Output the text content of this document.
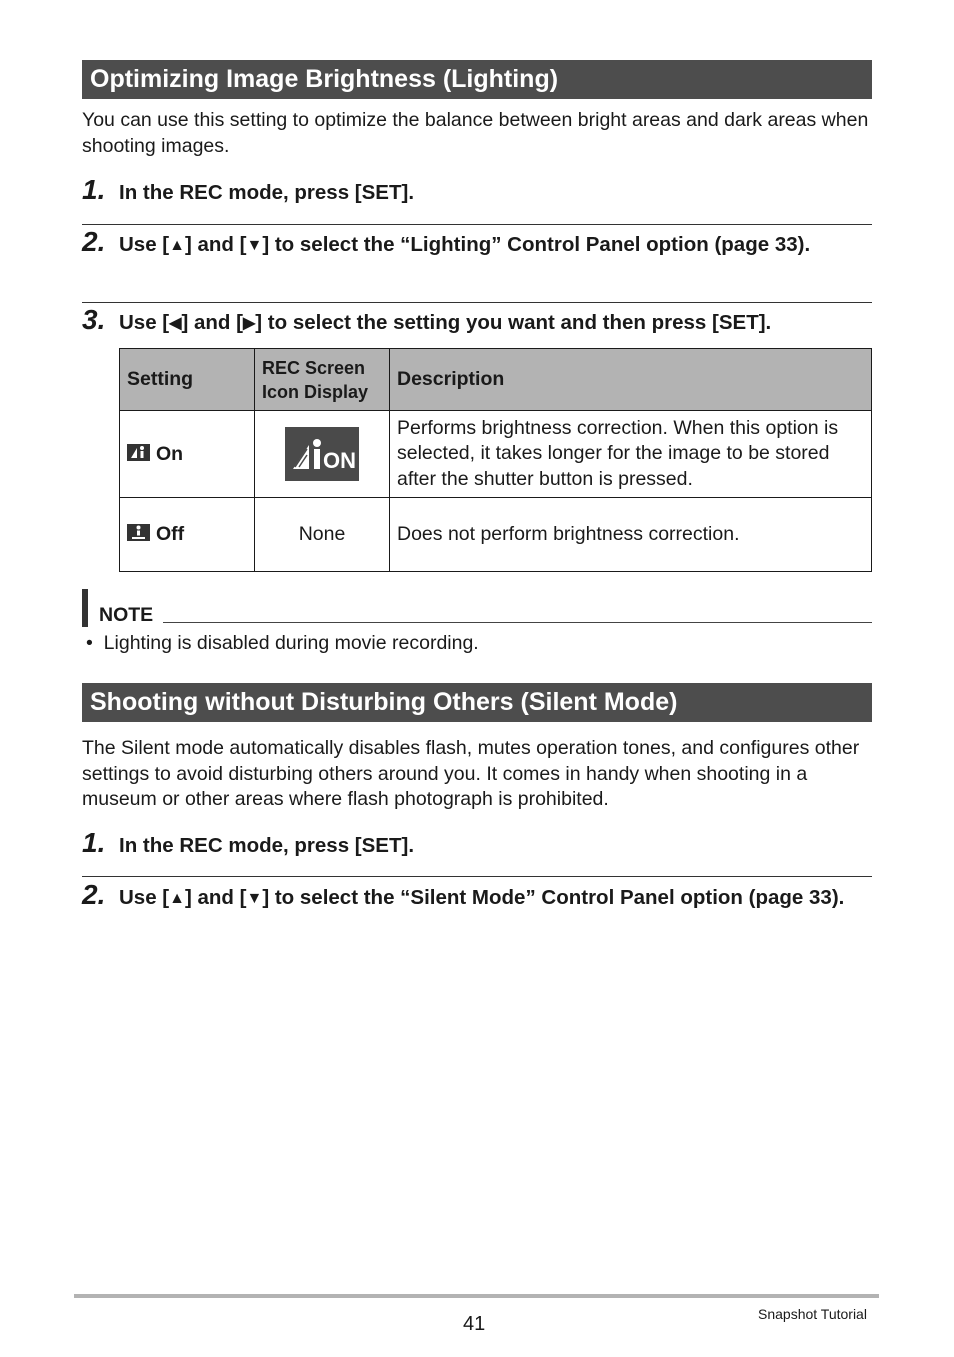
Optimizing Image Brightness (Lighting)

You can use this setting to optimize the balance between bright areas and dark areas when shooting images.

1. In the REC mode, press [SET].
2. Use [▲] and [▼] to select the “Lighting” Control Panel option (page 33).
3. Use [◀] and [▶] to select the setting you want and then press [SET].
Setting	REC Screen Icon Display	Description

On	ON	Performs brightness correction. When this option is selected, it takes longer for the image to be stored after the shutter button is pressed.

Off	None	Does not perform brightness correction.
NOTE
•  Lighting is disabled during movie recording.
Shooting without Disturbing Others (Silent Mode)

The Silent mode automatically disables flash, mutes operation tones, and configures other settings to avoid disturbing others around you. It comes in handy when shooting in a museum or other areas where flash photograph is prohibited.

1. In the REC mode, press [SET].
2. Use [▲] and [▼] to select the “Silent Mode” Control Panel option (page 33).
41	Snapshot Tutorial
